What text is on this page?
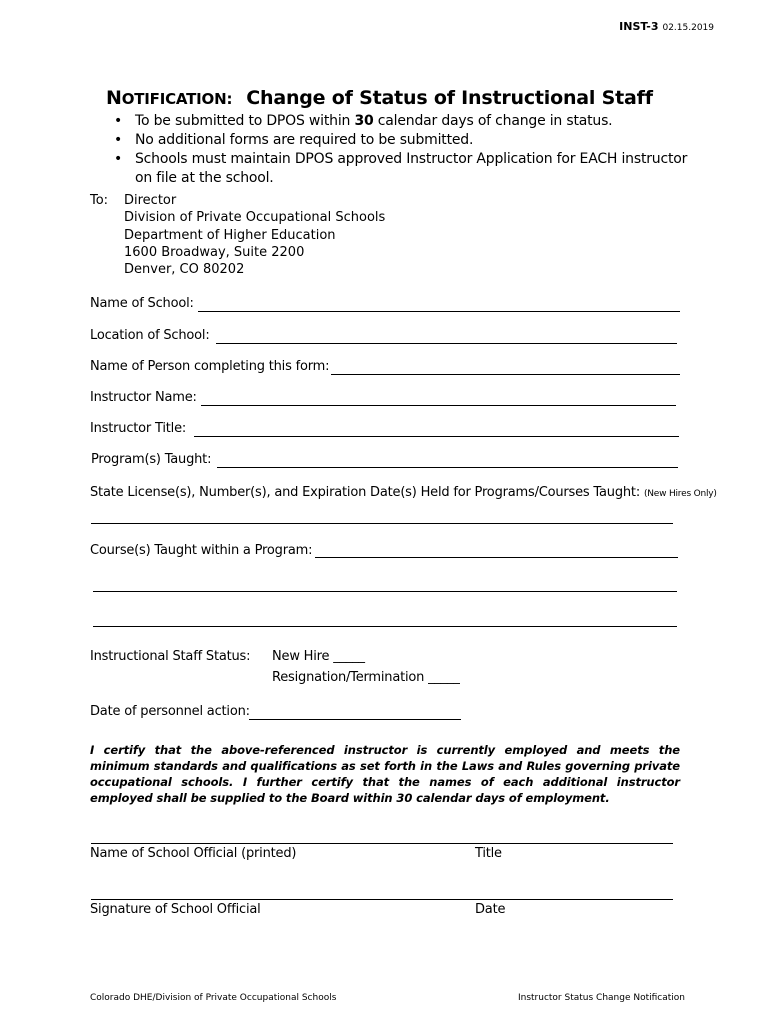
INST-3 02.15.2019
NOTIFICATION: Change of Status of Instructional Staff
• To be submitted to DPOS within 30 calendar days of change in status.
• No additional forms are required to be submitted.
• Schools must maintain DPOS approved Instructor Application for EACH instructor on file at the school.
To: Director
Division of Private Occupational Schools
Department of Higher Education
1600 Broadway, Suite 2200
Denver, CO 80202
Name of School:
Location of School:
Name of Person completing this form:
Instructor Name:
Instructor Title:
Program(s) Taught:
State License(s), Number(s), and Expiration Date(s) Held for Programs/Courses Taught: (New Hires Only)
Course(s) Taught within a Program:
Instructional Staff Status: New Hire _____
Resignation/Termination _____
Date of personnel action:
I certify that the above-referenced instructor is currently employed and meets the minimum standards and qualifications as set forth in the Laws and Rules governing private occupational schools. I further certify that the names of each additional instructor employed shall be supplied to the Board within 30 calendar days of employment.
Name of School Official (printed)	Title
Signature of School Official	Date
Colorado DHE/Division of Private Occupational Schools	Instructor Status Change Notification
